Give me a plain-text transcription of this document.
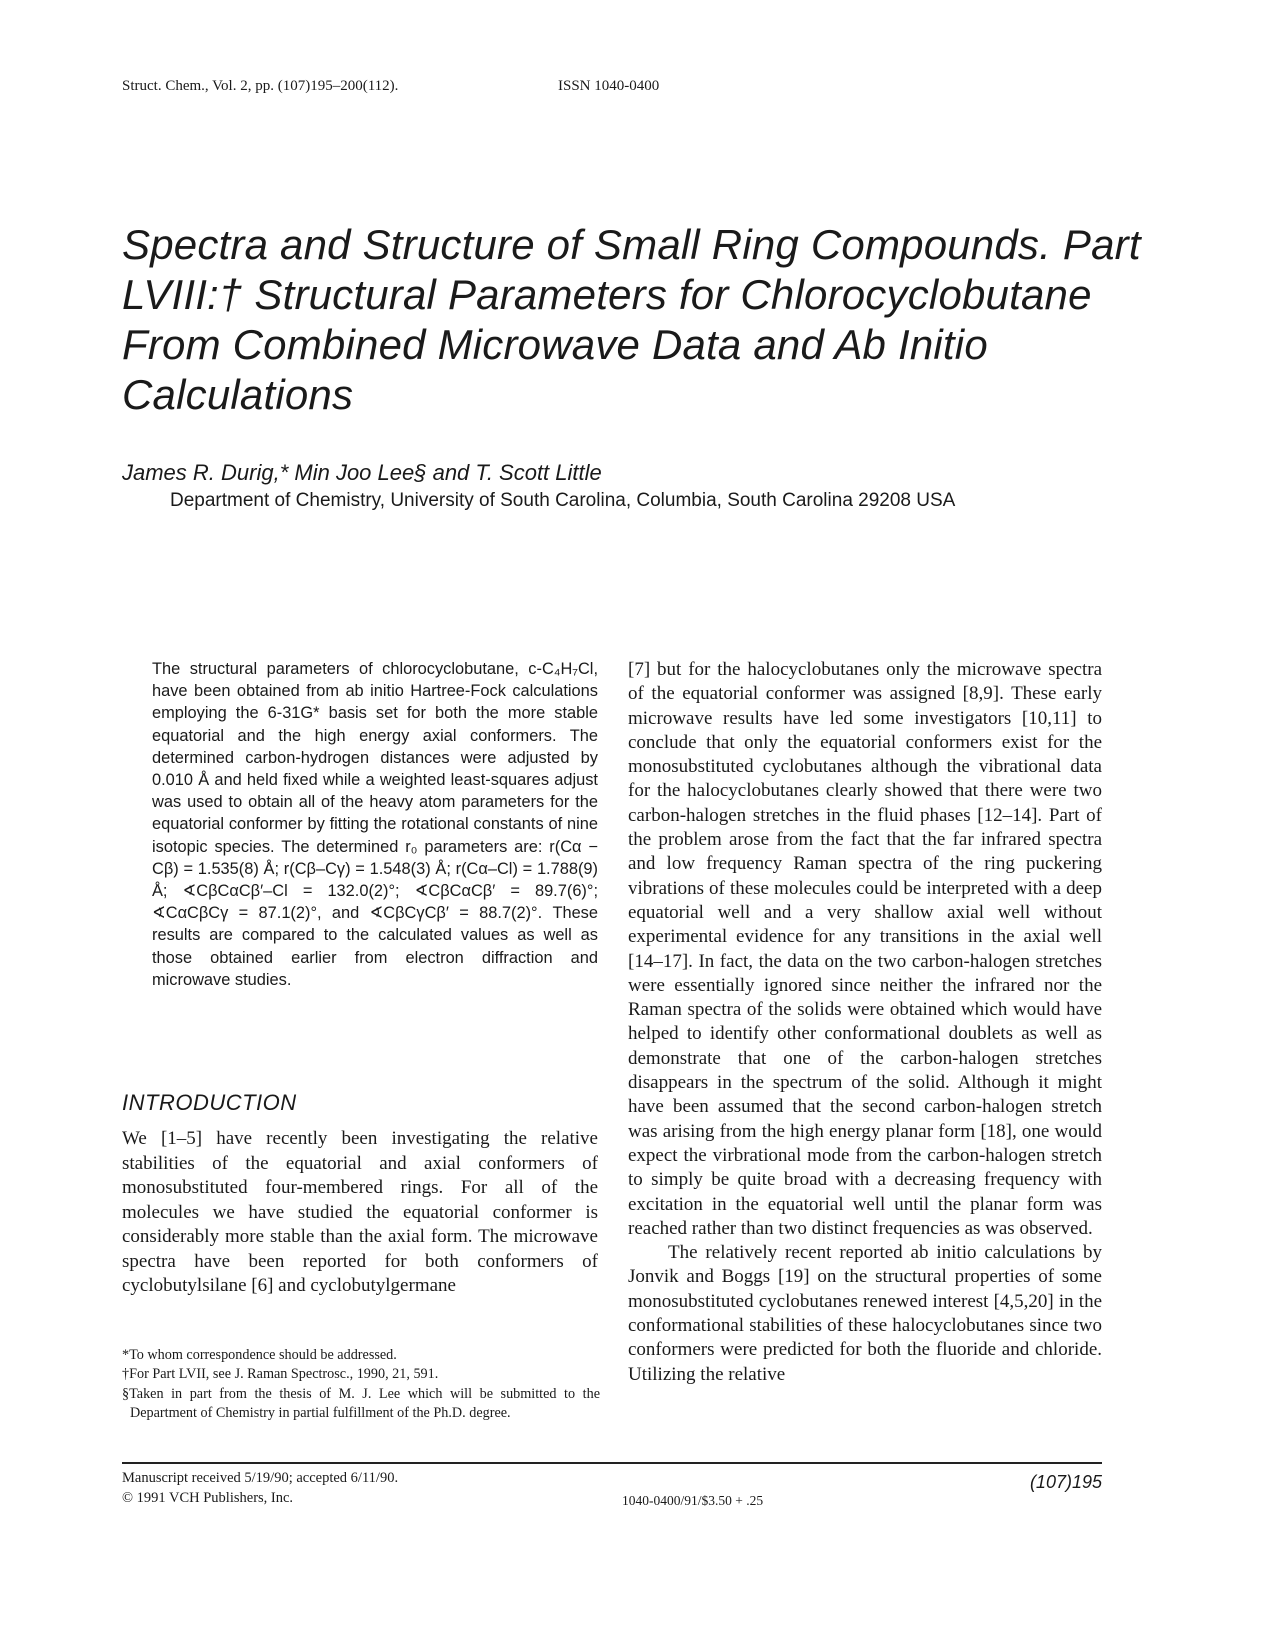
Struct. Chem., Vol. 2, pp. (107)195–200(112).	ISSN 1040-0400
Spectra and Structure of Small Ring Compounds. Part LVIII:† Structural Parameters for Chlorocyclobutane From Combined Microwave Data and Ab Initio Calculations
James R. Durig,* Min Joo Lee§ and T. Scott Little
Department of Chemistry, University of South Carolina, Columbia, South Carolina 29208 USA

The structural parameters of chlorocyclobutane, c-C₄H₇Cl, have been obtained from ab initio Hartree-Fock calculations employing the 6-31G* basis set for both the more stable equatorial and the high energy axial conformers. The determined carbon-hydrogen distances were adjusted by 0.010 Å and held fixed while a weighted least-squares adjust was used to obtain all of the heavy atom parameters for the equatorial conformer by fitting the rotational constants of nine isotopic species. The determined r₀ parameters are: r(Cα − Cβ) = 1.535(8) Å; r(Cβ–Cγ) = 1.548(3) Å; r(Cα–Cl) = 1.788(9) Å; ∢CβCαCβ′–Cl = 132.0(2)°; ∢CβCαCβ′ = 89.7(6)°; ∢CαCβCγ = 87.1(2)°, and ∢CβCγCβ′ = 88.7(2)°. These results are compared to the calculated values as well as those obtained earlier from electron diffraction and microwave studies.

INTRODUCTION

We [1–5] have recently been investigating the relative stabilities of the equatorial and axial conformers of monosubstituted four-membered rings. For all of the molecules we have studied the equatorial conformer is considerably more stable than the axial form. The microwave spectra have been reported for both conformers of cyclobutylsilane [6] and cyclobutylgermane

*To whom correspondence should be addressed.

†For Part LVII, see J. Raman Spectrosc., 1990, 21, 591.

§Taken in part from the thesis of M. J. Lee which will be submitted to the Department of Chemistry in partial fulfillment of the Ph.D. degree.

[7] but for the halocyclobutanes only the microwave spectra of the equatorial conformer was assigned [8,9]. These early microwave results have led some investigators [10,11] to conclude that only the equatorial conformers exist for the monosubstituted cyclobutanes although the vibrational data for the halocyclobutanes clearly showed that there were two carbon-halogen stretches in the fluid phases [12–14]. Part of the problem arose from the fact that the far infrared spectra and low frequency Raman spectra of the ring puckering vibrations of these molecules could be interpreted with a deep equatorial well and a very shallow axial well without experimental evidence for any transitions in the axial well [14–17]. In fact, the data on the two carbon-halogen stretches were essentially ignored since neither the infrared nor the Raman spectra of the solids were obtained which would have helped to identify other conformational doublets as well as demonstrate that one of the carbon-halogen stretches disappears in the spectrum of the solid. Although it might have been assumed that the second carbon-halogen stretch was arising from the high energy planar form [18], one would expect the virbrational mode from the carbon-halogen stretch to simply be quite broad with a decreasing frequency with excitation in the equatorial well until the planar form was reached rather than two distinct frequencies as was observed.

The relatively recent reported ab initio calculations by Jonvik and Boggs [19] on the structural properties of some monosubstituted cyclobutanes renewed interest [4,5,20] in the conformational stabilities of these halocyclobutanes since two conformers were predicted for both the fluoride and chloride. Utilizing the relative

Manuscript received 5/19/90; accepted 6/11/90.
© 1991 VCH Publishers, Inc.	1040-0400/91/$3.50 + .25
(107)195
